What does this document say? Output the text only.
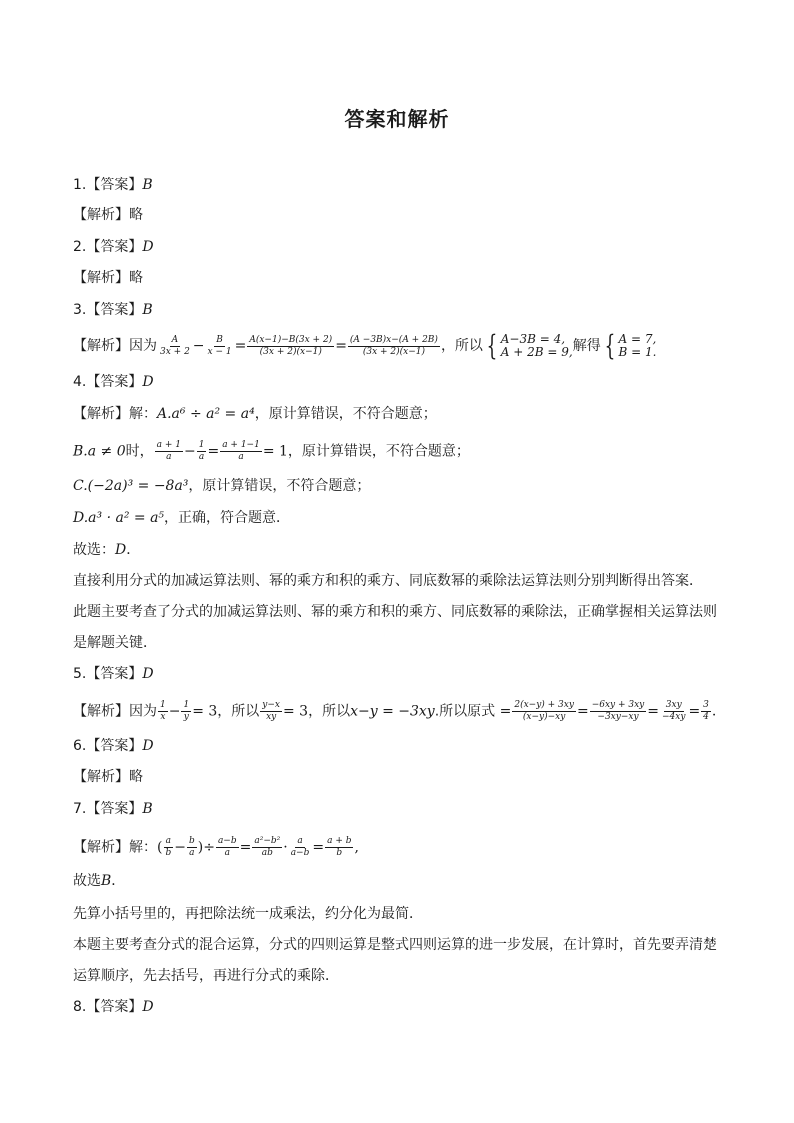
答案和解析
1.【答案】B
【解析】略
2.【答案】D
【解析】略
3.【答案】B
【解析】因为 $\frac{A}{3x + 2} - \frac{B}{x - 1} = \frac{A(x-1)-B(3x + 2)}{(3x + 2)(x-1)} = \frac{(A -3B)x-(A + 2B)}{(3x + 2)(x-1)}$ ，所以 { A−3B = 4,
A + 2B = 9, 解得 { A = 7,
B = 1.
4.【答案】D
【解析】解：A.a⁶ ÷ a² = a⁴，原计算错误，不符合题意；
B.a ≠ 0时， $\frac{a + 1}{a} - \frac{1}{a} = \frac{a + 1-1}{a} = 1$，原计算错误，不符合题意；
C.(−2a)³ = −8a³，原计算错误，不符合题意；
D.a³ · a² = a⁵，正确，符合题意．
故选：D．
直接利用分式的加减运算法则、幂的乘方和积的乘方、同底数幂的乘除法运算法则分别判断得出答案．
此题主要考查了分式的加减运算法则、幂的乘方和积的乘方、同底数幂的乘除法，正确掌握相关运算法则
是解题关键．
5.【答案】D
【解析】因为 $\frac{1}{x} - \frac{1}{y} = 3$，所以 $\frac{y-x}{xy} = 3$，所以x−y = −3xy.所以原式 = $\frac{2(x-y) + 3xy}{(x-y)-xy} = \frac{-6xy + 3xy}{-3xy-xy} = \frac{3xy}{-4xy} = \frac{3}{4}$ .
6.【答案】D
【解析】略
7.【答案】B
【解析】解：( $\frac{a}{b} - \frac{b}{a}$ )÷ $\frac{a-b}{a} = \frac{\text{a²−b²}}{ab} \cdot \frac{a}{a-b} = \frac{a + b}{b}$ ,
故选B．
先算小括号里的，再把除法统一成乘法，约分化为最简．
本题主要考查分式的混合运算，分式的四则运算是整式四则运算的进一步发展，在计算时，首先要弄清楚
运算顺序，先去括号，再进行分式的乘除．
8.【答案】D
